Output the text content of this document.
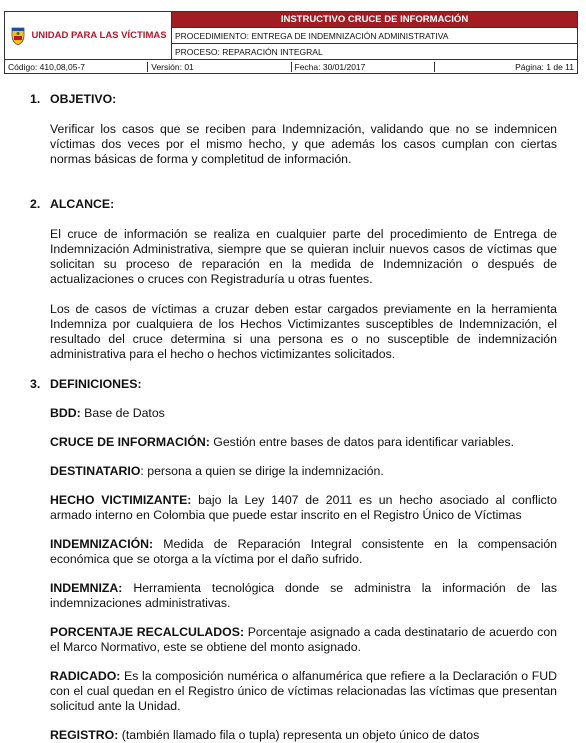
UNIDAD PARA LAS VÍCTIMAS
	INSTRUCTIVO CRUCE DE INFORMACIÓN
PROCEDIMIENTO: ENTREGA DE INDEMNIZACIÓN ADMINISTRATIVA
PROCESO: REPARACIÓN INTEGRAL

Código: 410,08,05-7	Versión: 01	Fecha: 30/01/2017	Página: 1 de 11
1. OBJETIVO:

Verificar los casos que se reciben para Indemnización, validando que no se indemnicen víctimas dos veces por el mismo hecho, y que además los casos cumplan con ciertas normas básicas de forma y completitud de información.

2. ALCANCE:

El cruce de información se realiza en cualquier parte del procedimiento de Entrega de Indemnización Administrativa, siempre que se quieran incluir nuevos casos de víctimas que solicitan su proceso de reparación en la medida de Indemnización o después de actualizaciones o cruces con Registraduría u otras fuentes.

Los de casos de víctimas a cruzar deben estar cargados previamente en la herramienta Indemniza por cualquiera de los Hechos Victimizantes susceptibles de Indemnización, el resultado del cruce determina si una persona es o no susceptible de indemnización administrativa para el hecho o hechos victimizantes solicitados.

3. DEFINICIONES:

BDD: Base de Datos

CRUCE DE INFORMACIÓN: Gestión entre bases de datos para identificar variables.

DESTINATARIO: persona a quien se dirige la indemnización.

HECHO VICTIMIZANTE: bajo la Ley 1407 de 2011 es un hecho asociado al conflicto armado interno en Colombia que puede estar inscrito en el Registro Único de Víctimas

INDEMNIZACIÓN: Medida de Reparación Integral consistente en la compensación económica que se otorga a la víctima por el daño sufrido.

INDEMNIZA: Herramienta tecnológica donde se administra la información de las indemnizaciones administrativas.

PORCENTAJE RECALCULADOS: Porcentaje asignado a cada destinatario de acuerdo con el Marco Normativo, este se obtiene del monto asignado.

RADICADO: Es la composición numérica o alfanumérica que refiere a la Declaración o FUD con el cual quedan en el Registro único de víctimas relacionadas las víctimas que presentan solicitud ante la Unidad.

REGISTRO: (también llamado fila o tupla) representa un objeto único de datos
